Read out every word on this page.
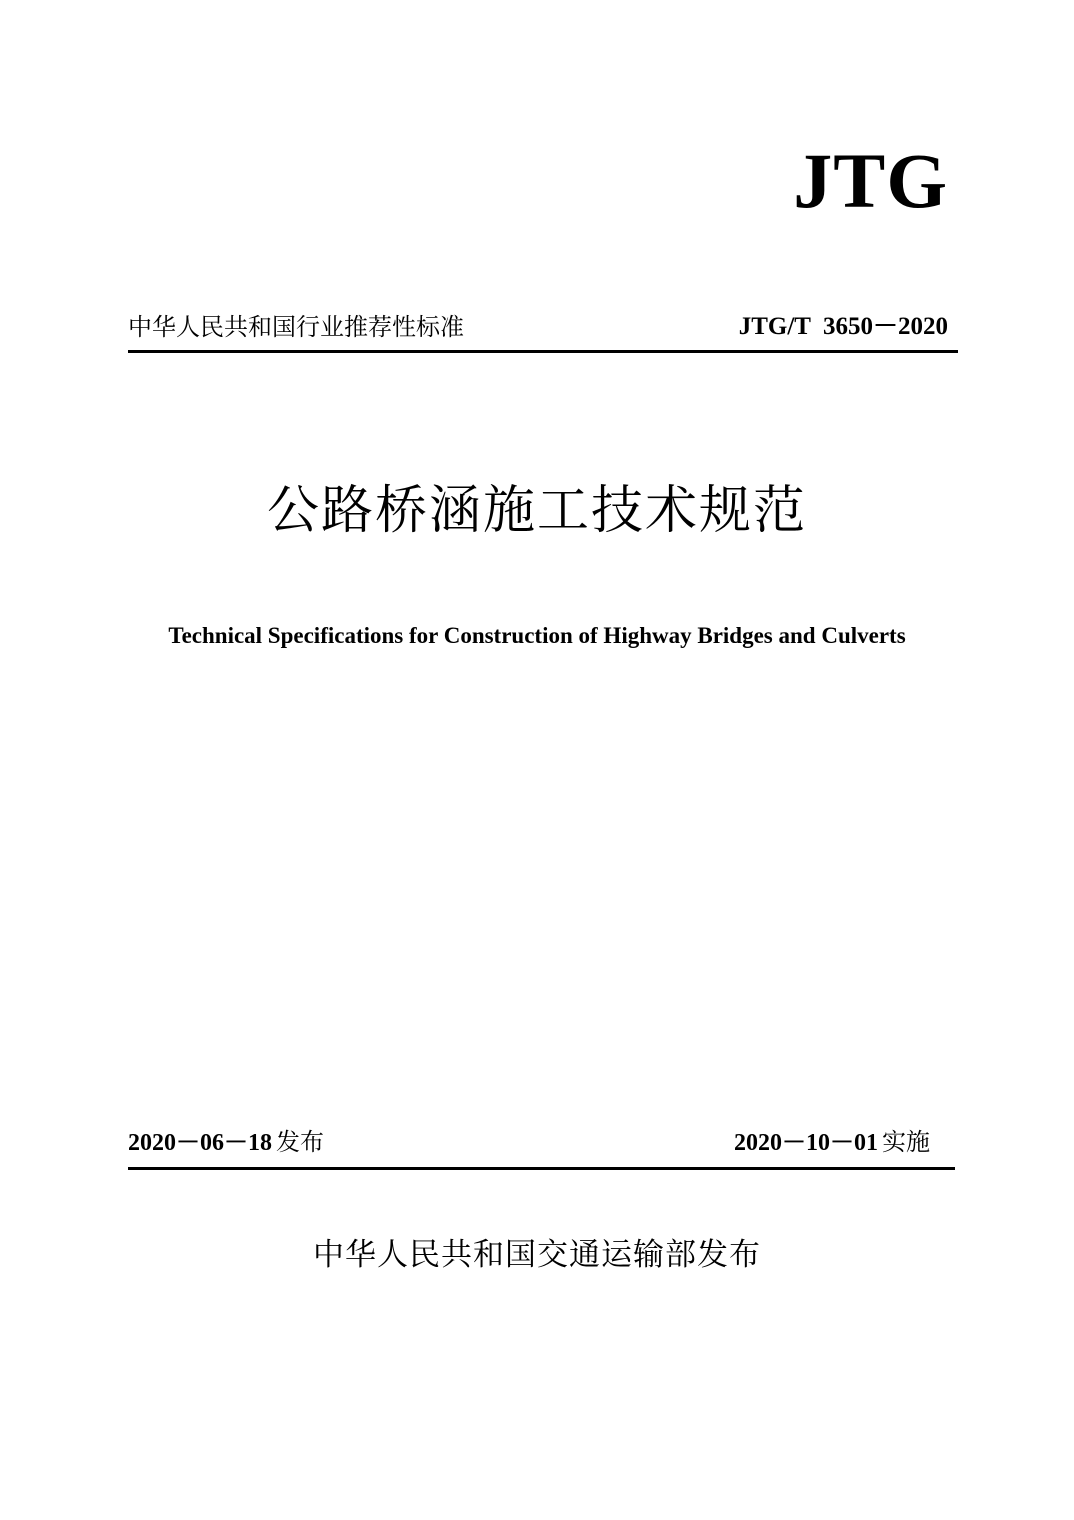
JTG
中华人民共和国行业推荐性标准	JTG/T  3650－2020
公路桥涵施工技术规范
Technical Specifications for Construction of Highway Bridges and Culverts
2020－06－18 发布	2020－10－01 实施
中华人民共和国交通运输部发布
